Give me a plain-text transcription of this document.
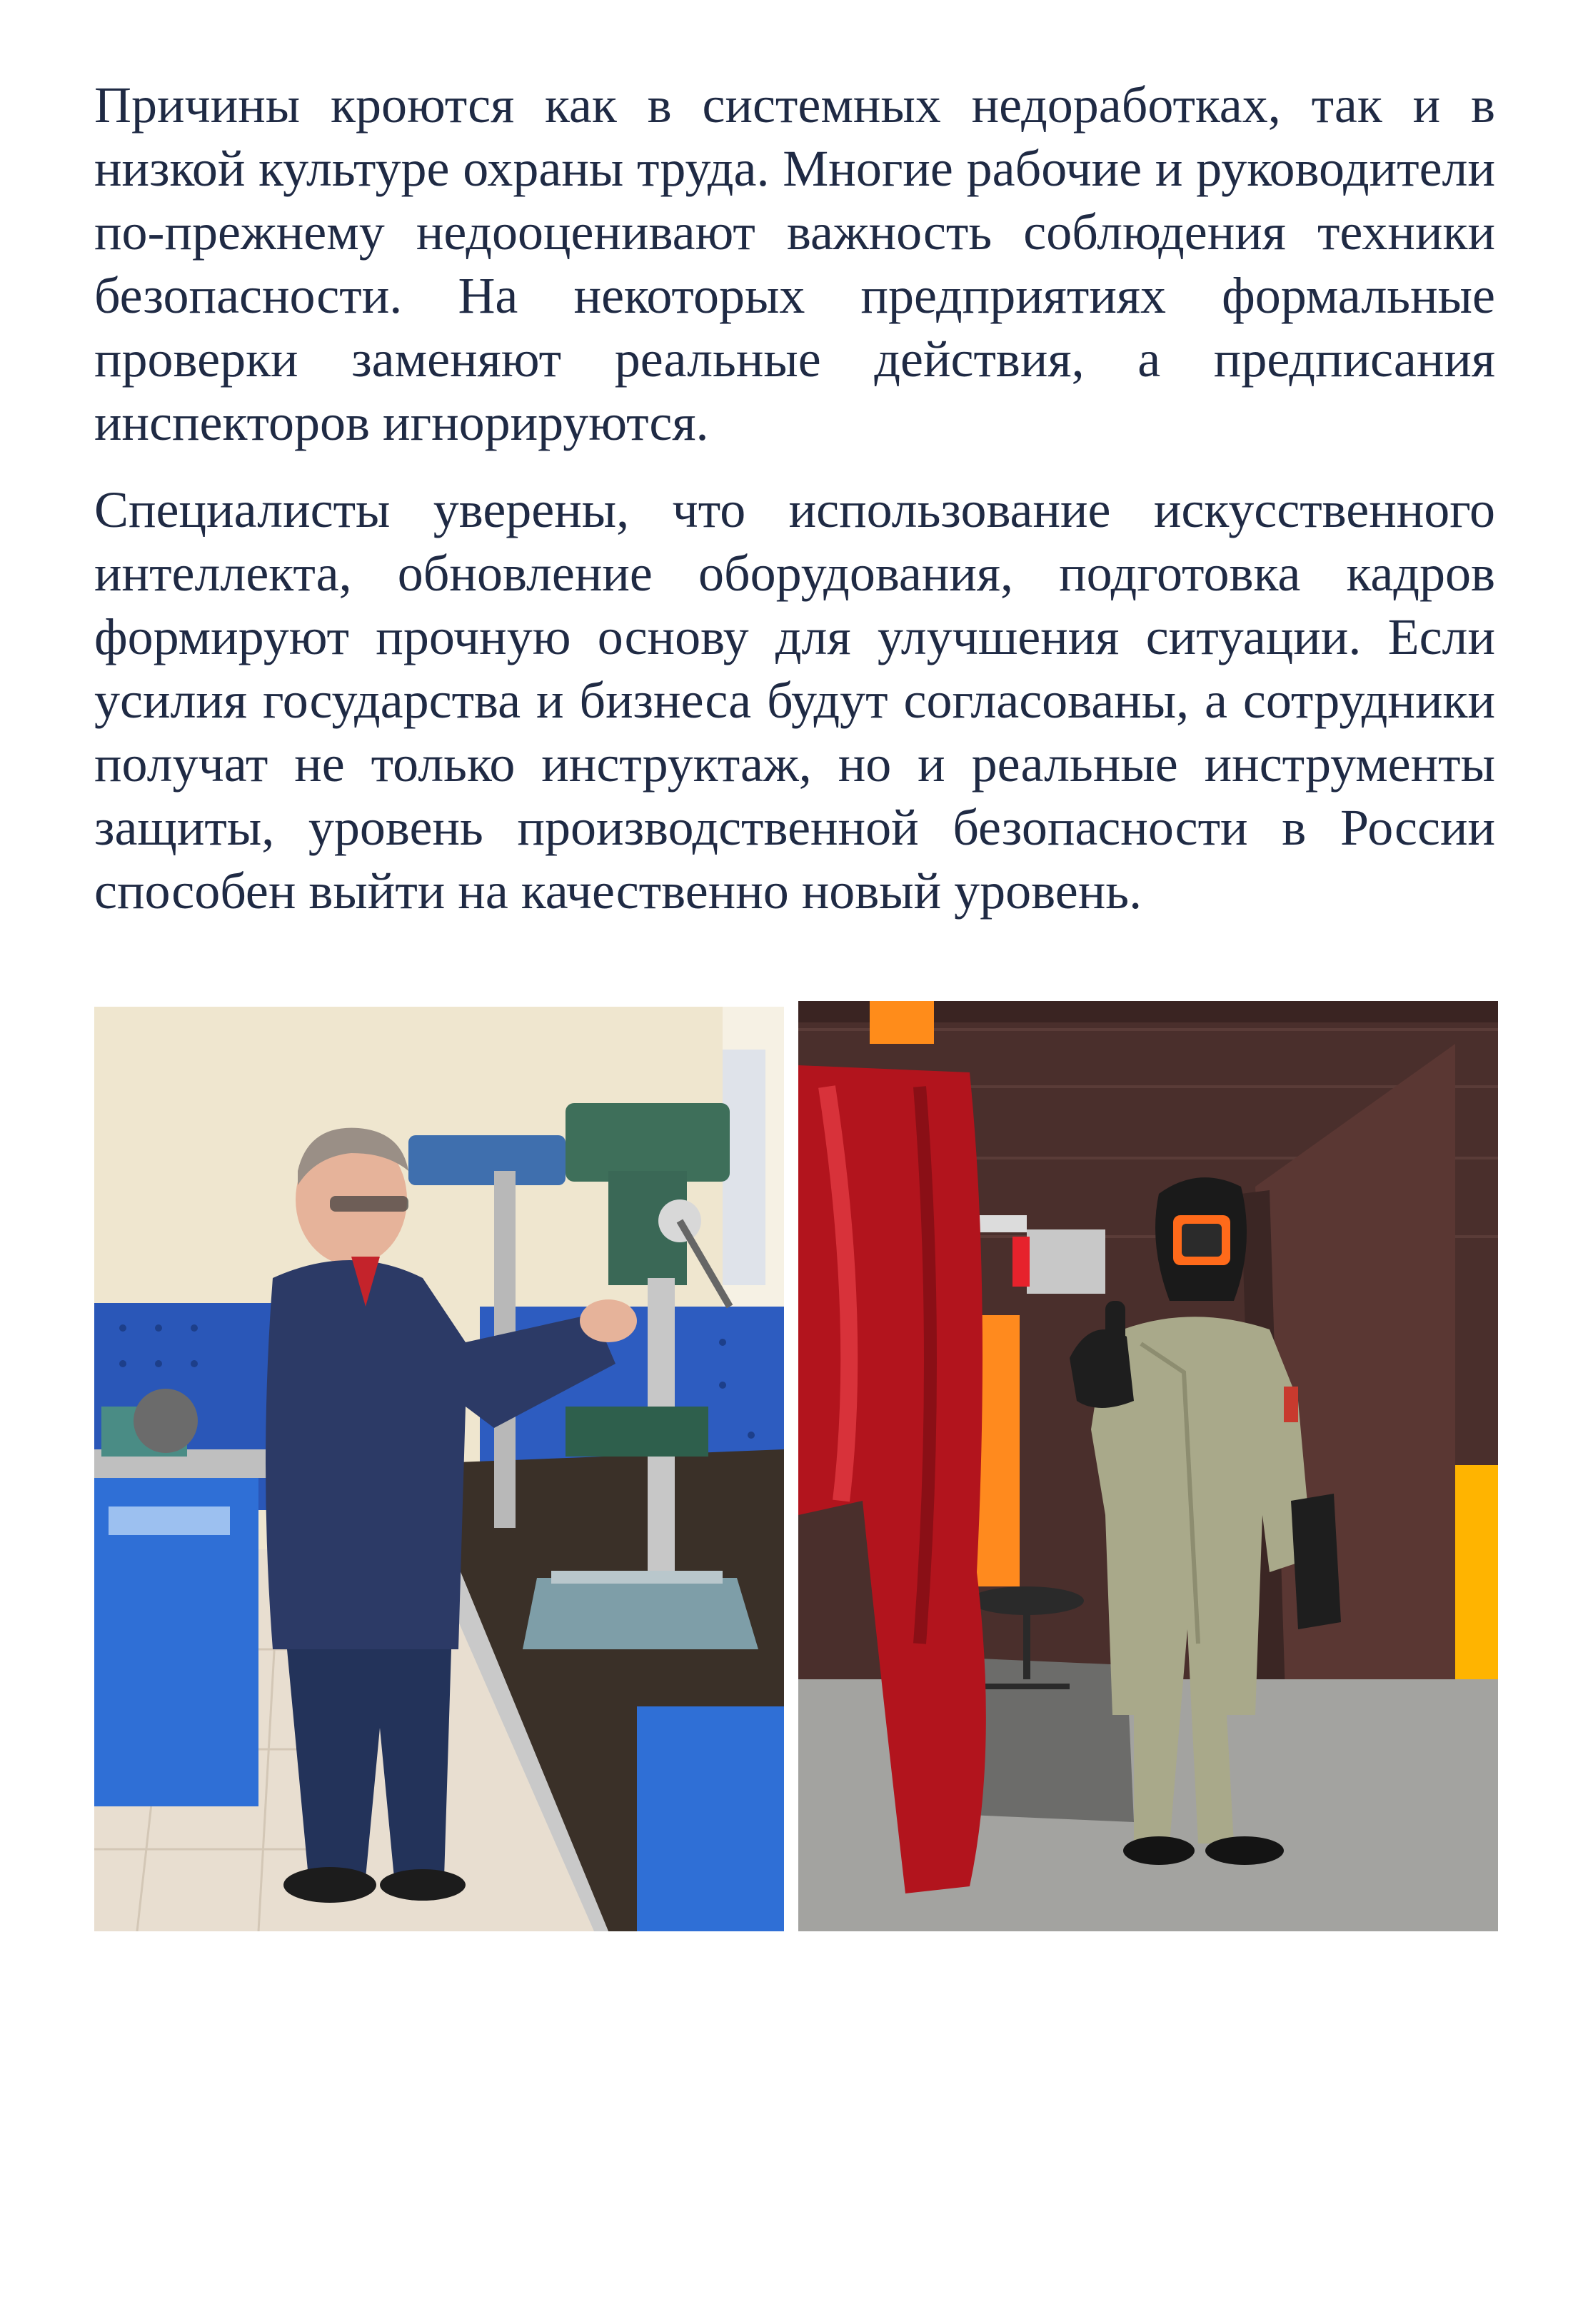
Причины кроются как в системных недоработках, так и в низкой культуре охраны труда. Многие рабочие и руководители по-прежнему недооценивают важность соблюдения техники безопасности. На некоторых предприятиях формальные проверки заменяют реальные действия, а предписания инспекторов игнорируются.

Специалисты уверены, что использование искусственного интеллекта, обновление оборудования, подготовка кадров формируют прочную основу для улучшения ситуации. Если усилия государства и бизнеса будут согласованы, а сотрудники получат не только инструктаж, но и реальные инструменты защиты, уровень производственной безопасности в России способен выйти на качественно новый уровень.
